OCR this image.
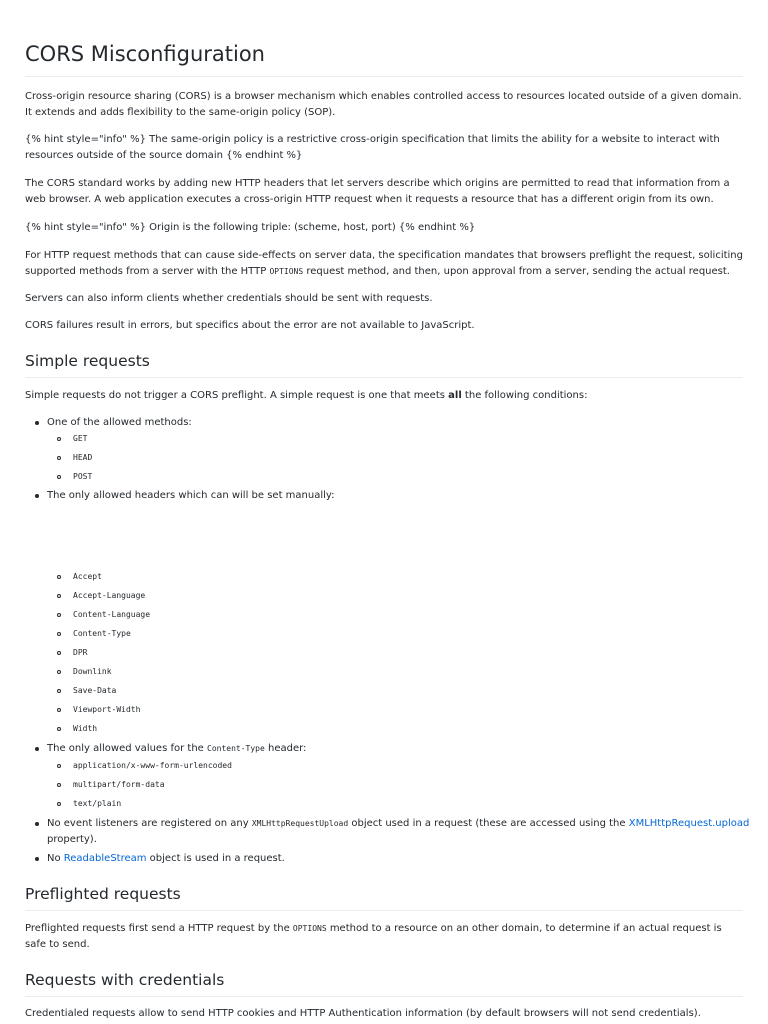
CORS Misconfiguration
Cross-origin resource sharing (CORS) is a browser mechanism which enables controlled access to resources located outside of a given domain. It extends and adds flexibility to the same-origin policy (SOP).
{% hint style="info" %} The same-origin policy is a restrictive cross-origin specification that limits the ability for a website to interact with resources outside of the source domain {% endhint %}
The CORS standard works by adding new HTTP headers that let servers describe which origins are permitted to read that information from a web browser. A web application executes a cross-origin HTTP request when it requests a resource that has a different origin from its own.
{% hint style="info" %} Origin is the following triple: (scheme, host, port) {% endhint %}
For HTTP request methods that can cause side-effects on server data, the specification mandates that browsers preflight the request, soliciting supported methods from a server with the HTTP OPTIONS request method, and then, upon approval from a server, sending the actual request.
Servers can also inform clients whether credentials should be sent with requests.
CORS failures result in errors, but specifics about the error are not available to JavaScript.
Simple requests
Simple requests do not trigger a CORS preflight. A simple request is one that meets all the following conditions:
One of the allowed methods:
GET
HEAD
POST
The only allowed headers which can will be set manually:
Accept
Accept-Language
Content-Language
Content-Type
DPR
Downlink
Save-Data
Viewport-Width
Width
The only allowed values for the Content-Type header:
application/x-www-form-urlencoded
multipart/form-data
text/plain
No event listeners are registered on any XMLHttpRequestUpload object used in a request (these are accessed using the XMLHttpRequest.upload
property).
No ReadableStream object is used in a request.
Preflighted requests
Preflighted requests first send a HTTP request by the OPTIONS method to a resource on an other domain, to determine if an actual request is safe to send.
Requests with credentials
Credentialed requests allow to send HTTP cookies and HTTP Authentication information (by default browsers will not send credentials).
